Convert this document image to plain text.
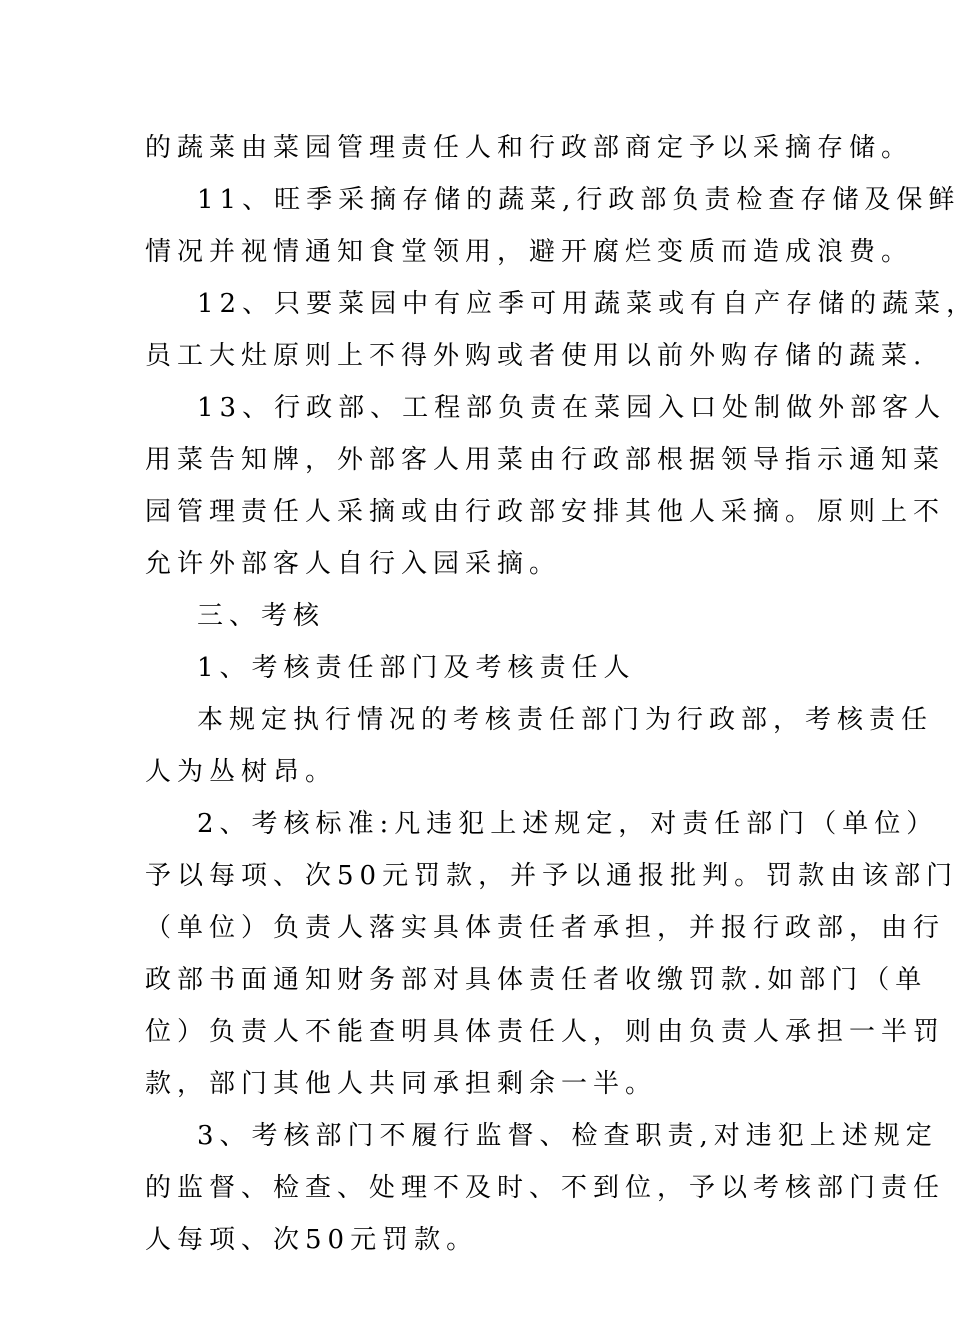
的蔬菜由菜园管理责任人和行政部商定予以采摘存储。
11、旺季采摘存储的蔬菜,行政部负责检查存储及保鲜
情况并视情通知食堂领用，避开腐烂变质而造成浪费。
12、只要菜园中有应季可用蔬菜或有自产存储的蔬菜，
员工大灶原则上不得外购或者使用以前外购存储的蔬菜.
13、行政部、工程部负责在菜园入口处制做外部客人
用菜告知牌，外部客人用菜由行政部根据领导指示通知菜
园管理责任人采摘或由行政部安排其他人采摘。原则上不
允许外部客人自行入园采摘。
三、考核
1、考核责任部门及考核责任人
本规定执行情况的考核责任部门为行政部，考核责任
人为丛树昂。
2、考核标准:凡违犯上述规定，对责任部门（单位）
予以每项、次50元罚款，并予以通报批判。罚款由该部门
（单位）负责人落实具体责任者承担，并报行政部，由行
政部书面通知财务部对具体责任者收缴罚款.如部门（单
位）负责人不能查明具体责任人，则由负责人承担一半罚
款，部门其他人共同承担剩余一半。
3、考核部门不履行监督、检查职责,对违犯上述规定
的监督、检查、处理不及时、不到位，予以考核部门责任
人每项、次50元罚款。
